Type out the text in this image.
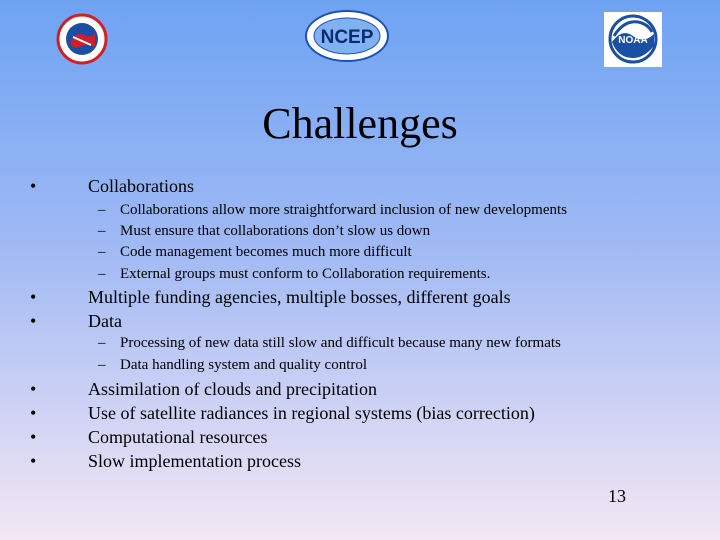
NCEP	NOAA
Challenges
•	Collaborations
– Collaborations allow more straightforward inclusion of new developments
– Must ensure that collaborations don’t slow us down
– Code management becomes much more difficult
– External groups must conform to Collaboration requirements.
•	Multiple funding agencies, multiple bosses, different goals
•	Data
– Processing of new data still slow and difficult because many new formats
– Data handling system and quality control
•	Assimilation of clouds and precipitation
•	Use of satellite radiances in regional systems (bias correction)
•	Computational resources
•	Slow implementation process
13
